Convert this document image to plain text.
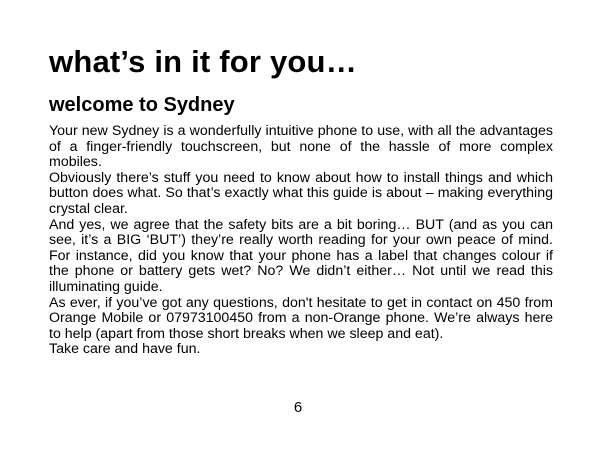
what’s in it for you…
welcome to Sydney

Your new Sydney is a wonderfully intuitive phone to use, with all the advantages of a finger-friendly touchscreen, but none of the hassle of more complex mobiles.

Obviously there’s stuff you need to know about how to install things and which button does what. So that’s exactly what this guide is about – making everything crystal clear.

And yes, we agree that the safety bits are a bit boring… BUT (and as you can see, it’s a BIG ‘BUT’) they’re really worth reading for your own peace of mind. For instance, did you know that your phone has a label that changes colour if the phone or battery gets wet? No? We didn’t either… Not until we read this illuminating guide.

As ever, if you’ve got any questions, don't hesitate to get in contact on 450 from Orange Mobile or 07973100450 from a non-Orange phone. We’re always here to help (apart from those short breaks when we sleep and eat).

Take care and have fun.

6
